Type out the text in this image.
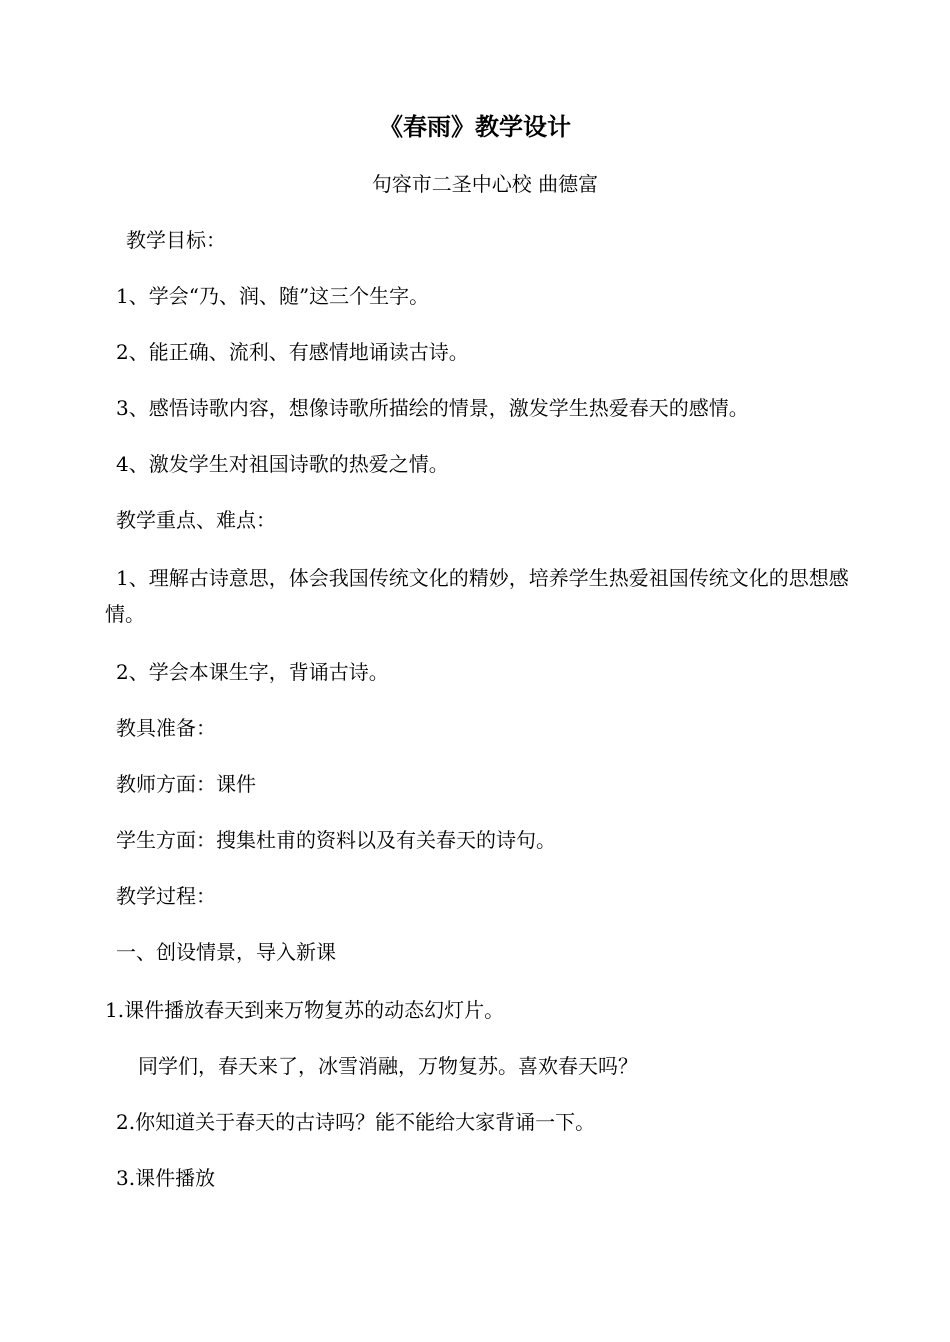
《春雨》教学设计
句容市二圣中心校 曲德富
教学目标：
1、学会“乃、润、随”这三个生字。
2、能正确、流利、有感情地诵读古诗。
3、感悟诗歌内容，想像诗歌所描绘的情景，激发学生热爱春天的感情。
4、激发学生对祖国诗歌的热爱之情。
教学重点、难点：
1、理解古诗意思，体会我国传统文化的精妙，培养学生热爱祖国传统文化的思想感情。
2、学会本课生字，背诵古诗。
教具准备：
教师方面：课件
学生方面：搜集杜甫的资料以及有关春天的诗句。
教学过程：
一、创设情景，导入新课
1.课件播放春天到来万物复苏的动态幻灯片。
同学们，春天来了，冰雪消融，万物复苏。喜欢春天吗？
2.你知道关于春天的古诗吗？能不能给大家背诵一下。
3.课件播放
